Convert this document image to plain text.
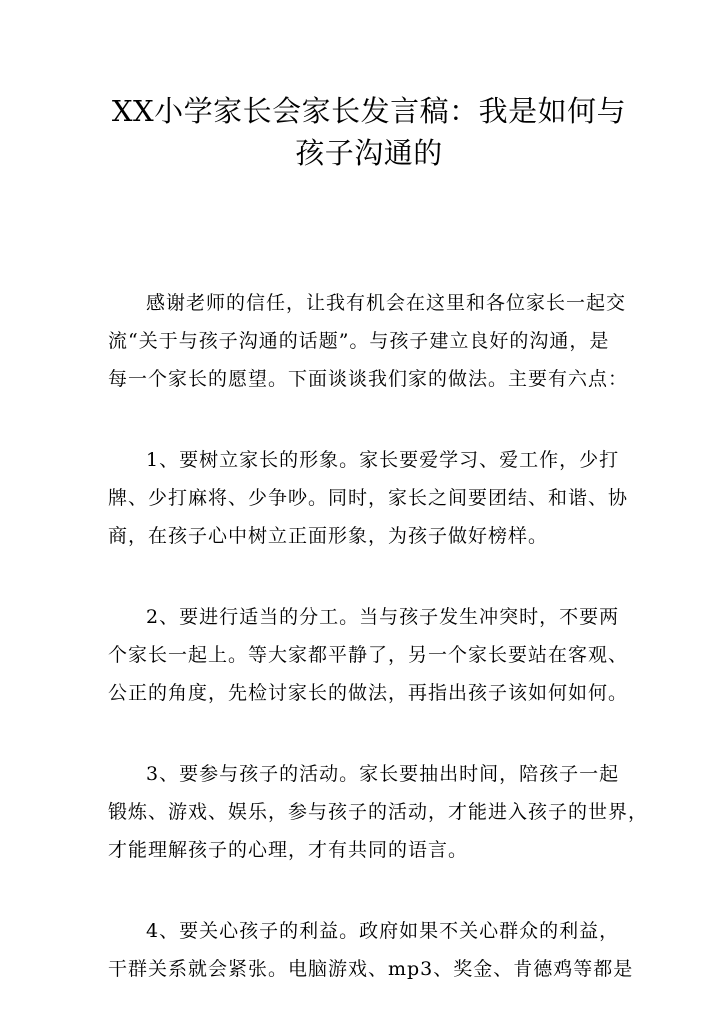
XX小学家长会家长发言稿：我是如何与
孩子沟通的

感谢老师的信任，让我有机会在这里和各位家长一起交
流“关于与孩子沟通的话题”。与孩子建立良好的沟通，是
每一个家长的愿望。下面谈谈我们家的做法。主要有六点：

1、要树立家长的形象。家长要爱学习、爱工作，少打
牌、少打麻将、少争吵。同时，家长之间要团结、和谐、协
商，在孩子心中树立正面形象，为孩子做好榜样。

2、要进行适当的分工。当与孩子发生冲突时，不要两
个家长一起上。等大家都平静了，另一个家长要站在客观、
公正的角度，先检讨家长的做法，再指出孩子该如何如何。

3、要参与孩子的活动。家长要抽出时间，陪孩子一起
锻炼、游戏、娱乐，参与孩子的活动，才能进入孩子的世界，
才能理解孩子的心理，才有共同的语言。

4、要关心孩子的利益。政府如果不关心群众的利益，
干群关系就会紧张。电脑游戏、mp3、奖金、肯德鸡等都是
